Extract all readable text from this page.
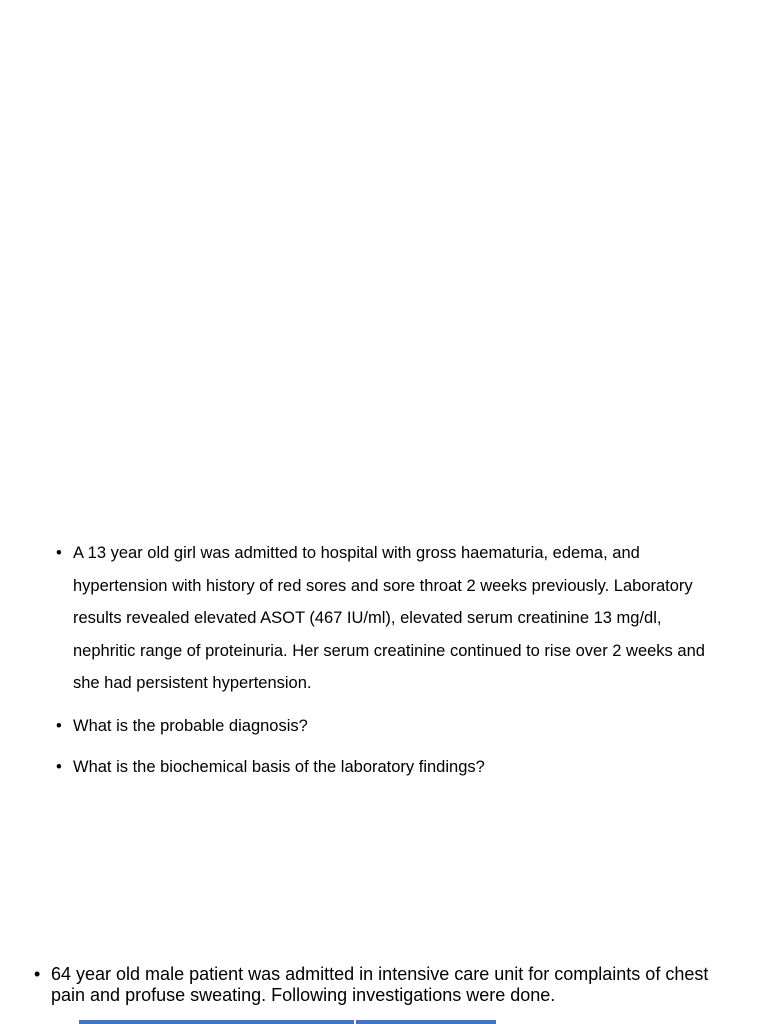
• A 13 year old girl was admitted to hospital with gross haematuria, edema, and hypertension with history of red sores and sore throat 2 weeks previously. Laboratory results revealed elevated ASOT (467 IU/ml), elevated serum creatinine 13 mg/dl, nephritic range of proteinuria. Her serum creatinine continued to rise over 2 weeks and she had persistent hypertension.
• What is the probable diagnosis?
• What is the biochemical basis of the laboratory findings?
• 64 year old male patient was admitted in intensive care unit for complaints of chest pain and profuse sweating. Following investigations were done.
